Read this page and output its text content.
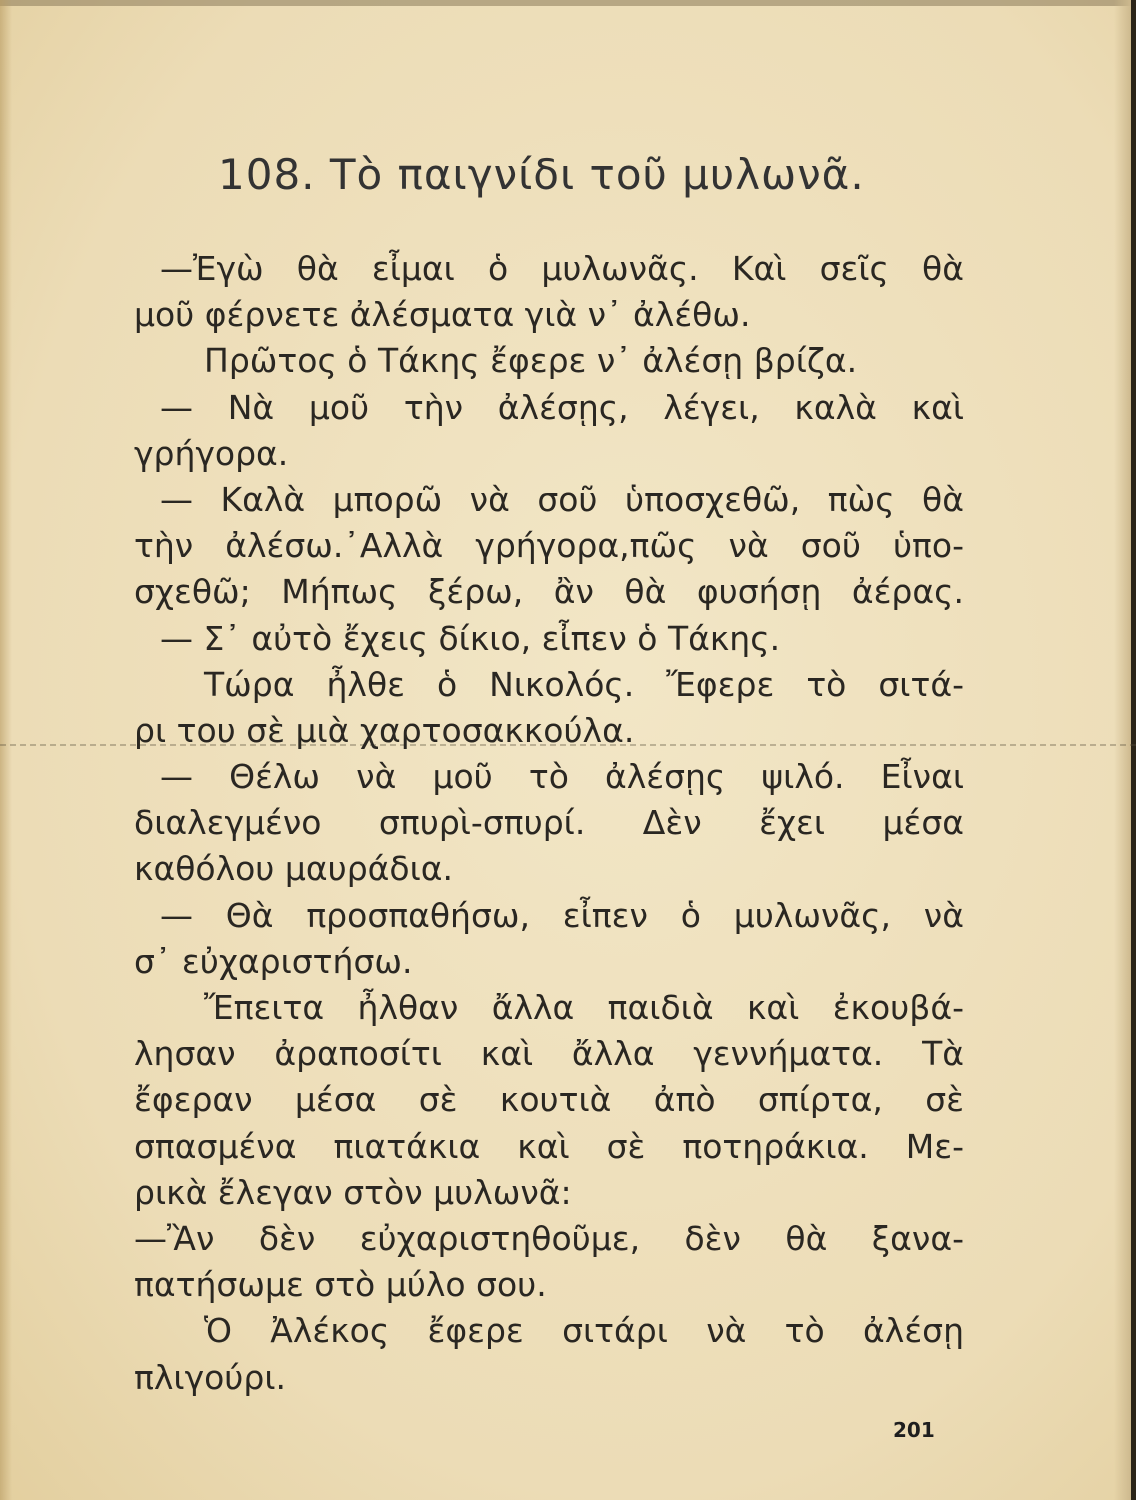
108. Τὸ παιγνίδι τοῦ μυλωνᾶ.
—Ἐγὼ θὰ εἶμαι ὁ μυλωνᾶς. Καὶ σεῖς θὰ
μοῦ φέρνετε ἀλέσματα γιὰ ν᾽ ἀλέθω.
Πρῶτος ὁ Τάκης ἔφερε ν᾽ ἀλέσῃ βρίζα.
— Νὰ μοῦ τὴν ἀλέσῃς, λέγει, καλὰ καὶ
γρήγορα.
— Καλὰ μπορῶ νὰ σοῦ ὑποσχεθῶ, πὼς θὰ
τὴν ἀλέσω.᾽Αλλὰ γρήγορα,πῶς νὰ σοῦ ὑπο-
σχεθῶ; Μήπως ξέρω, ἂν θὰ φυσήσῃ ἀέρας.
— Σ᾽ αὐτὸ ἔχεις δίκιο, εἶπεν ὁ Τάκης.
Τώρα ἦλθε ὁ Νικολός. Ἔφερε τὸ σιτά-
ρι του σὲ μιὰ χαρτοσακκούλα.
— Θέλω νὰ μοῦ τὸ ἀλέσῃς ψιλό. Εἶναι
διαλεγμένο σπυρὶ-σπυρί. Δὲν ἔχει μέσα
καθόλου μαυράδια.
— Θὰ προσπαθήσω, εἶπεν ὁ μυλωνᾶς, νὰ
σ᾽ εὐχαριστήσω.
Ἔπειτα ἦλθαν ἄλλα παιδιὰ καὶ ἐκουβά-
λησαν ἀραποσίτι καὶ ἄλλα γεννήματα. Τὰ
ἔφεραν μέσα σὲ κουτιὰ ἀπὸ σπίρτα, σὲ
σπασμένα πιατάκια καὶ σὲ ποτηράκια. Με-
ρικὰ ἔλεγαν στὸν μυλωνᾶ:
—Ἂν δὲν εὐχαριστηθοῦμε, δὲν θὰ ξανα-
πατήσωμε στὸ μύλο σου.
Ὁ Ἀλέκος ἔφερε σιτάρι νὰ τὸ ἀλέσῃ
πλιγούρι.
201
